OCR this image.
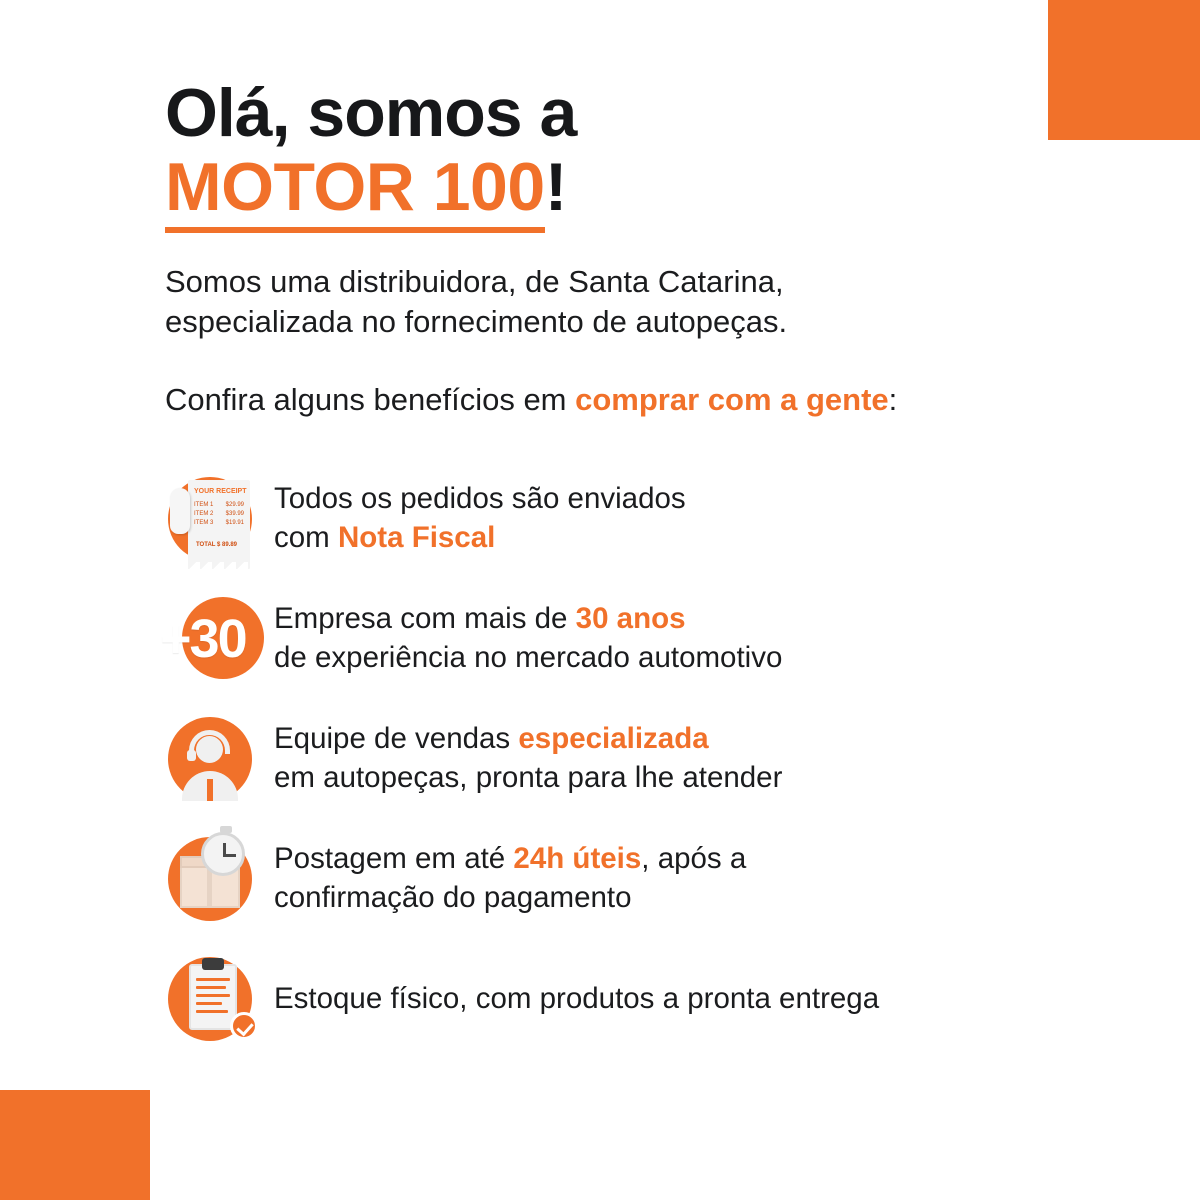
Olá, somos a
MOTOR 100!

Somos uma distribuidora, de Santa Catarina,
especializada no fornecimento de autopeças.

Confira alguns benefícios em comprar com a gente:

YOUR RECEIPT
ITEM 1 $29.99
ITEM 2 $39.99
ITEM 3 $19.91
TOTAL $ 89.89
Todos os pedidos são enviados
com Nota Fiscal
+30 Empresa com mais de 30 anos
de experiência no mercado automotivo
Equipe de vendas especializada
em autopeças, pronta para lhe atender
Postagem em até 24h úteis, após a
confirmação do pagamento
Estoque físico, com produtos a pronta entrega
